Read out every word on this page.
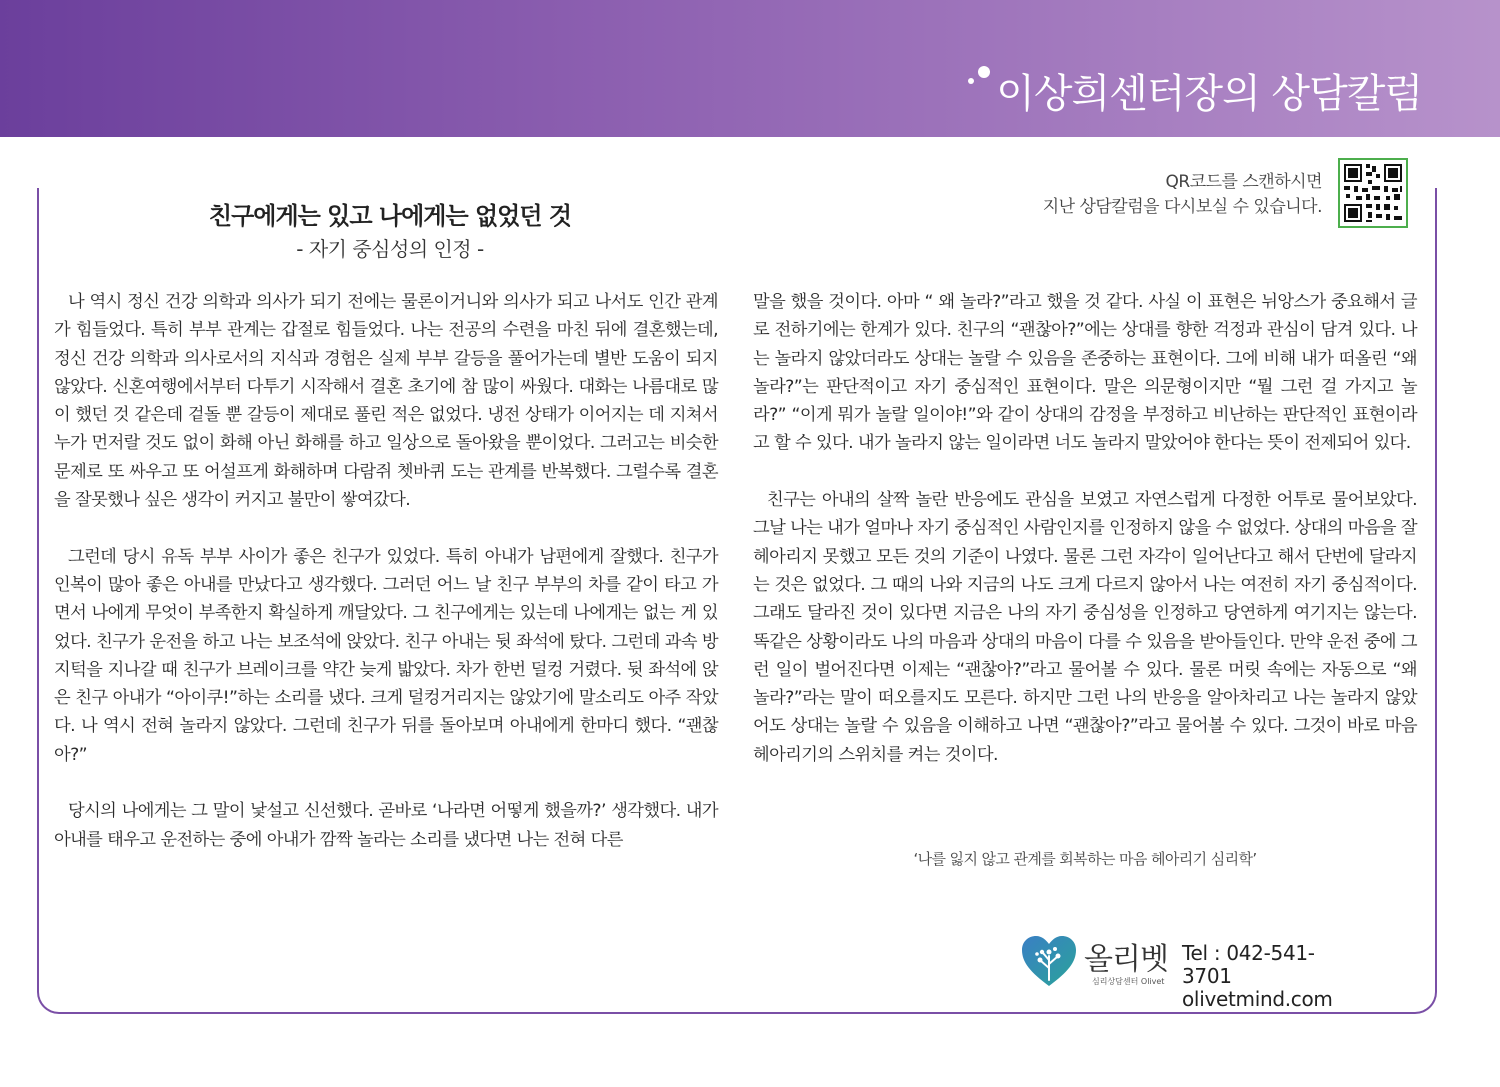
이상희센터장의 상담칼럼
친구에게는 있고 나에게는 없었던 것
- 자기 중심성의 인정 -
QR코드를 스캔하시면
지난 상담칼럼을 다시보실 수 있습니다.

나 역시 정신 건강 의학과 의사가 되기 전에는 물론이거니와 의사가 되고 나서도 인간 관계가 힘들었다. 특히 부부 관계는 갑절로 힘들었다. 나는 전공의 수련을 마친 뒤에 결혼했는데, 정신 건강 의학과 의사로서의 지식과 경험은 실제 부부 갈등을 풀어가는데 별반 도움이 되지 않았다. 신혼여행에서부터 다투기 시작해서 결혼 초기에 참 많이 싸웠다. 대화는 나름대로 많이 했던 것 같은데 겉돌 뿐 갈등이 제대로 풀린 적은 없었다. 냉전 상태가 이어지는 데 지쳐서 누가 먼저랄 것도 없이 화해 아닌 화해를 하고 일상으로 돌아왔을 뿐이었다. 그러고는 비슷한 문제로 또 싸우고 또 어설프게 화해하며 다람쥐 쳇바퀴 도는 관계를 반복했다. 그럴수록 결혼을 잘못했나 싶은 생각이 커지고 불만이 쌓여갔다.

그런데 당시 유독 부부 사이가 좋은 친구가 있었다. 특히 아내가 남편에게 잘했다. 친구가 인복이 많아 좋은 아내를 만났다고 생각했다. 그러던 어느 날 친구 부부의 차를 같이 타고 가면서 나에게 무엇이 부족한지 확실하게 깨달았다. 그 친구에게는 있는데 나에게는 없는 게 있었다. 친구가 운전을 하고 나는 보조석에 앉았다. 친구 아내는 뒷 좌석에 탔다. 그런데 과속 방지턱을 지나갈 때 친구가 브레이크를 약간 늦게 밟았다. 차가 한번 덜컹 거렸다. 뒷 좌석에 앉은 친구 아내가 “아이쿠!”하는 소리를 냈다. 크게 덜컹거리지는 않았기에 말소리도 아주 작았다. 나 역시 전혀 놀라지 않았다. 그런데 친구가 뒤를 돌아보며 아내에게 한마디 했다. “괜찮아?”

당시의 나에게는 그 말이 낯설고 신선했다. 곧바로 ‘나라면 어떻게 했을까?’ 생각했다. 내가 아내를 태우고 운전하는 중에 아내가 깜짝 놀라는 소리를 냈다면 나는 전혀 다른

말을 했을 것이다. 아마 “ 왜 놀라?”라고 했을 것 같다. 사실 이 표현은 뉘앙스가 중요해서 글로 전하기에는 한계가 있다. 친구의 “괜찮아?”에는 상대를 향한 걱정과 관심이 담겨 있다. 나는 놀라지 않았더라도 상대는 놀랄 수 있음을 존중하는 표현이다. 그에 비해 내가 떠올린 “왜 놀라?”는 판단적이고 자기 중심적인 표현이다. 말은 의문형이지만 “뭘 그런 걸 가지고 놀라?” “이게 뭐가 놀랄 일이야!”와 같이 상대의 감정을 부정하고 비난하는 판단적인 표현이라고 할 수 있다. 내가 놀라지 않는 일이라면 너도 놀라지 말았어야 한다는 뜻이 전제되어 있다.

친구는 아내의 살짝 놀란 반응에도 관심을 보였고 자연스럽게 다정한 어투로 물어보았다. 그날 나는 내가 얼마나 자기 중심적인 사람인지를 인정하지 않을 수 없었다. 상대의 마음을 잘 헤아리지 못했고 모든 것의 기준이 나였다. 물론 그런 자각이 일어난다고 해서 단번에 달라지는 것은 없었다. 그 때의 나와 지금의 나도 크게 다르지 않아서 나는 여전히 자기 중심적이다. 그래도 달라진 것이 있다면 지금은 나의 자기 중심성을 인정하고 당연하게 여기지는 않는다. 똑같은 상황이라도 나의 마음과 상대의 마음이 다를 수 있음을 받아들인다. 만약 운전 중에 그런 일이 벌어진다면 이제는 “괜찮아?”라고 물어볼 수 있다. 물론 머릿 속에는 자동으로 “왜 놀라?”라는 말이 떠오를지도 모른다. 하지만 그런 나의 반응을 알아차리고 나는 놀라지 않았어도 상대는 놀랄 수 있음을 이해하고 나면 “괜찮아?”라고 물어볼 수 있다. 그것이 바로 마음 헤아리기의 스위치를 켜는 것이다.

‘나를 잃지 않고 관계를 회복하는 마음 헤아리기 심리학’
올리벳
심리상담센터 Olivet
Tel : 042-541-3701
olivetmind.com
